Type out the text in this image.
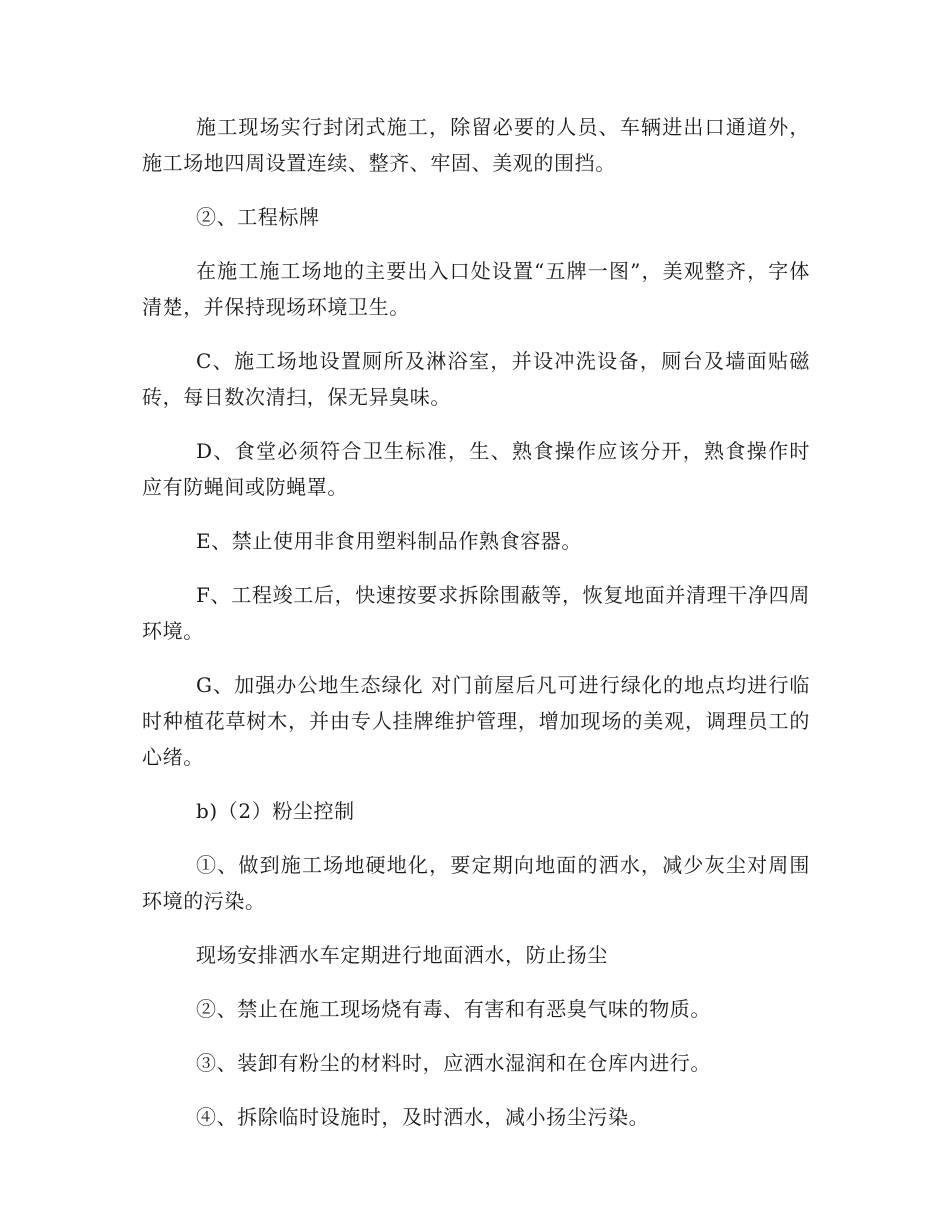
施工现场实行封闭式施工，除留必要的人员、车辆进出口通道外，施工场地四周设置连续、整齐、牢固、美观的围挡。

②、工程标牌

在施工施工场地的主要出入口处设置“五牌一图”，美观整齐，字体清楚，并保持现场环境卫生。

C、施工场地设置厕所及淋浴室，并设冲洗设备，厕台及墙面贴磁砖，每日数次清扫，保无异臭味。

D、食堂必须符合卫生标准，生、熟食操作应该分开，熟食操作时应有防蝇间或防蝇罩。

E、禁止使用非食用塑料制品作熟食容器。

F、工程竣工后，快速按要求拆除围蔽等，恢复地面并清理干净四周环境。

G、加强办公地生态绿化 对门前屋后凡可进行绿化的地点均进行临时种植花草树木，并由专人挂牌维护管理，增加现场的美观，调理员工的心绪。

b)（2）粉尘控制

①、做到施工场地硬地化，要定期向地面的洒水，减少灰尘对周围环境的污染。

现场安排洒水车定期进行地面洒水，防止扬尘

②、禁止在施工现场烧有毒、有害和有恶臭气味的物质。

③、装卸有粉尘的材料时，应洒水湿润和在仓库内进行。

④、拆除临时设施时，及时洒水，减小扬尘污染。
